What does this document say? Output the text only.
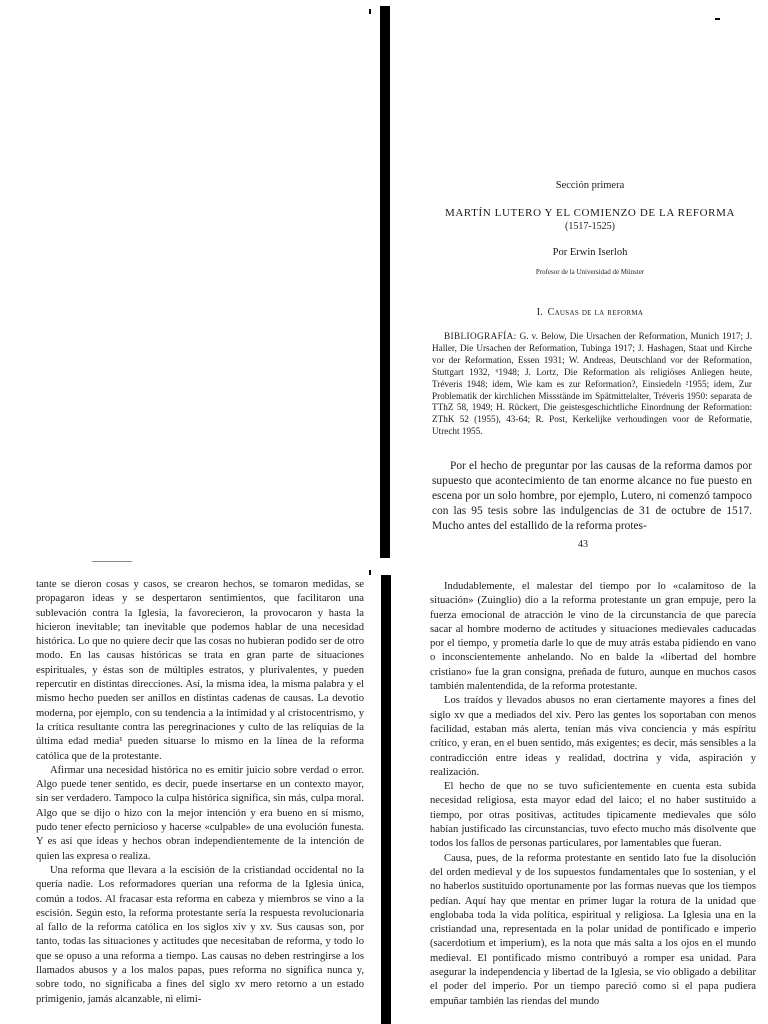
Sección primera
MARTÍN LUTERO Y EL COMIENZO DE LA REFORMA
(1517-1525)
Por Erwin Iserloh
Profesor de la Universidad de Münster
I. Causas de la reforma
BIBLIOGRAFÍA: G. v. Below, Die Ursachen der Reformation, Munich 1917; J. Haller, Die Ursachen der Reformation, Tubinga 1917; J. Hashagen, Staat und Kirche vor der Reformation, Essen 1931; W. Andreas, Deutschland vor der Reformation, Stuttgart 1932, ⁶1948; J. Lortz, Die Reformation als religiöses Anliegen heute, Tréveris 1948; idem, Wie kam es zur Reformation?, Einsiedeln ²1955; idem, Zur Problematik der kirchlichen Missstände im Spätmittelalter, Tréveris 1950: separata de TThZ 58, 1949; H. Rückert, Die geistesgeschichtliche Einordnung der Reformation: ZThK 52 (1955), 43-64; R. Post, Kerkelijke verhoudingen voor de Reformatie, Utrecht 1955.
Por el hecho de preguntar por las causas de la reforma damos por supuesto que acontecimiento de tan enorme alcance no fue puesto en escena por un solo hombre, por ejemplo, Lutero, ni comenzó tampoco con las 95 tesis sobre las indulgencias de 31 de octubre de 1517. Mucho antes del estallido de la reforma protes-
43

tante se dieron cosas y casos, se crearon hechos, se tomaron medidas, se propagaron ideas y se despertaron sentimientos, que facilitaron una sublevación contra la Iglesia, la favorecieron, la provocaron y hasta la hicieron inevitable; tan inevitable que podemos hablar de una necesidad histórica. Lo que no quiere decir que las cosas no hubieran podido ser de otro modo. En las causas históricas se trata en gran parte de situaciones espirituales, y éstas son de múltiples estratos, y plurivalentes, y pueden repercutir en distintas direcciones. Así, la misma idea, la misma palabra y el mismo hecho pueden ser anillos en distintas cadenas de causas. La devotio moderna, por ejemplo, con su tendencia a la intimidad y al cristocentrismo, y la crítica resultante contra las peregrinaciones y culto de las reliquias de la última edad media¹ pueden situarse lo mismo en la línea de la reforma católica que de la protestante.

Afirmar una necesidad histórica no es emitir juicio sobre verdad o error. Algo puede tener sentido, es decir, puede insertarse en un contexto mayor, sin ser verdadero. Tampoco la culpa histórica significa, sin más, culpa moral. Algo que se dijo o hizo con la mejor intención y era bueno en sí mismo, pudo tener efecto pernicioso y hacerse «culpable» de una evolución funesta. Y es así que ideas y hechos obran independientemente de la intención de quien las expresa o realiza.

Una reforma que llevara a la escisión de la cristiandad occidental no la quería nadie. Los reformadores querían una reforma de la Iglesia única, común a todos. Al fracasar esta reforma en cabeza y miembros se vino a la escisión. Según esto, la reforma protestante sería la respuesta revolucionaria al fallo de la reforma católica en los siglos xiv y xv. Sus causas son, por tanto, todas las situaciones y actitudes que necesitaban de reforma, y todo lo que se opuso a una reforma a tiempo. Las causas no deben restringirse a los llamados abusos y a los malos papas, pues reforma no significa nunca y, sobre todo, no significaba a fines del siglo xv mero retorno a un estado primigenio, jamás alcanzable, ni elimi-

Indudablemente, el malestar del tiempo por lo «calamitoso de la situación» (Zuinglio) dio a la reforma protestante un gran empuje, pero la fuerza emocional de atracción le vino de la circunstancia de que parecía sacar al hombre moderno de actitudes y situaciones medievales caducadas por el tiempo, y prometía darle lo que de muy atrás estaba pidiendo en vano o inconscientemente anhelando. No en balde la «libertad del hombre cristiano» fue la gran consigna, preñada de futuro, aunque en muchos casos también malentendida, de la reforma protestante.

Los traídos y llevados abusos no eran ciertamente mayores a fines del siglo xv que a mediados del xiv. Pero las gentes los soportaban con menos facilidad, estaban más alerta, tenían más viva conciencia y más espíritu crítico, y eran, en el buen sentido, más exigentes; es decir, más sensibles a la contradicción entre ideas y realidad, doctrina y vida, aspiración y realización.

El hecho de que no se tuvo suficientemente en cuenta esta subida necesidad religiosa, esta mayor edad del laico; el no haber sustituido a tiempo, por otras positivas, actitudes típicamente medievales que sólo habían justificado las circunstancias, tuvo efecto mucho más disolvente que todos los fallos de personas particulares, por lamentables que fueran.

Causa, pues, de la reforma protestante en sentido lato fue la disolución del orden medieval y de los supuestos fundamentales que lo sostenían, y el no haberlos sustituido oportunamente por las formas nuevas que los tiempos pedían. Aquí hay que mentar en primer lugar la rotura de la unidad que englobaba toda la vida política, espiritual y religiosa. La Iglesia una en la cristiandad una, representada en la polar unidad de pontificado e imperio (sacerdotium et imperium), es la nota que más salta a los ojos en el mundo medieval. El pontificado mismo contribuyó a romper esa unidad. Para asegurar la independencia y libertad de la Iglesia, se vio obligado a debilitar el poder del imperio. Por un tiempo pareció como si el papa pudiera empuñar también las riendas del mundo
